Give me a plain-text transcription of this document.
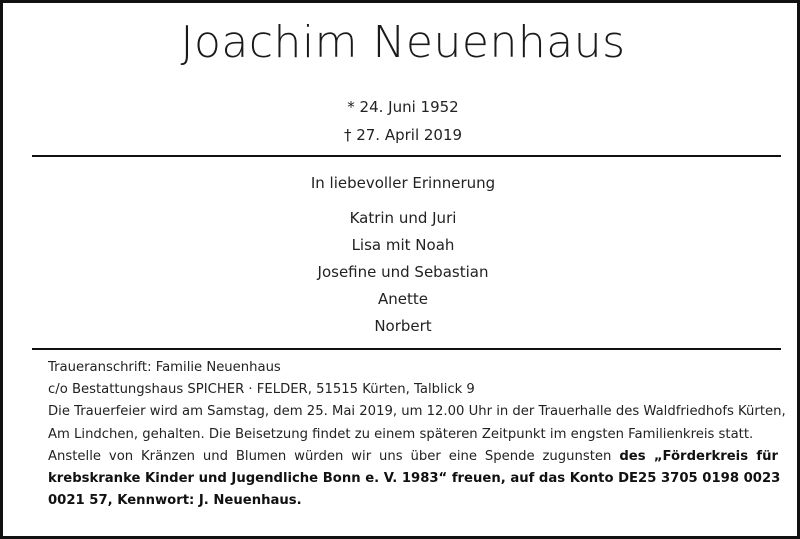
Joachim Neuenhaus
* 24. Juni 1952
† 27. April 2019
In liebevoller Erinnerung
Katrin und Juri
Lisa mit Noah
Josefine und Sebastian
Anette
Norbert
Traueranschrift: Familie Neuenhaus
c/o Bestattungshaus SPICHER · FELDER, 51515 Kürten, Talblick 9
Die Trauerfeier wird am Samstag, dem 25. Mai 2019, um 12.00 Uhr in der Trauerhalle des Waldfriedhofs Kürten,
Am Lindchen, gehalten. Die Beisetzung findet zu einem späteren Zeitpunkt im engsten Familienkreis statt.
Anstelle von Kränzen und Blumen würden wir uns über eine Spende zugunsten des „Förderkreis für
krebskranke Kinder und Jugendliche Bonn e. V. 1983“ freuen, auf das Konto DE25 3705 0198 0023
0021 57, Kennwort: J. Neuenhaus.
